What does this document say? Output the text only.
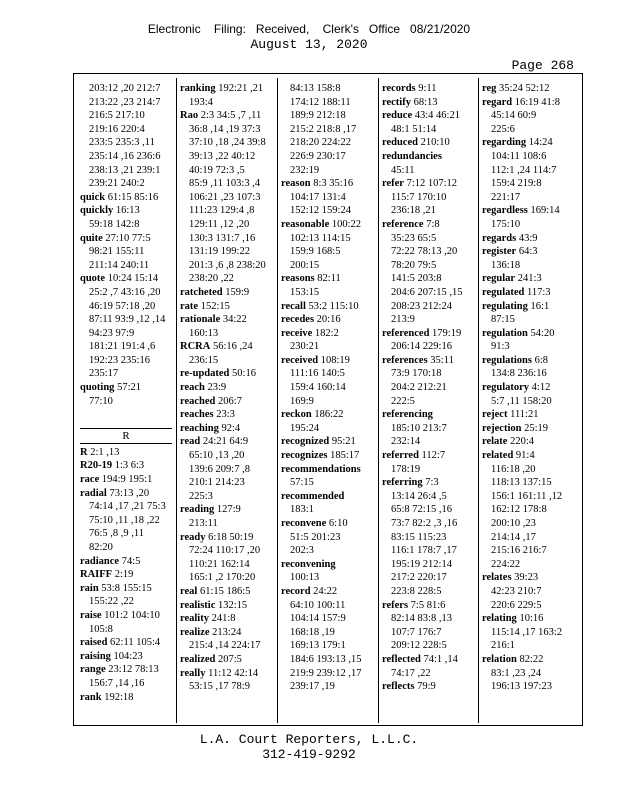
Electronic    Filing:   Received,    Clerk's   Office   08/21/2020
August 13, 2020
Page 268
203:12 ,20 212:7
213:22 ,23 214:7
216:5 217:10
219:16 220:4
233:5 235:3 ,11
235:14 ,16 236:6
238:13 ,21 239:1
239:21 240:2
quick 61:15 85:16
quickly 16:13
59:18 142:8
quite 27:10 77:5
98:21 155:11
211:14 240:11
quote 10:24 15:14
25:2 ,7 43:16 ,20
46:19 57:18 ,20
87:11 93:9 ,12 ,14
94:23 97:9
181:21 191:4 ,6
192:23 235:16
235:17
quoting 57:21
77:10

R
R 2:1 ,13
R20-19 1:3 6:3
race 194:9 195:1
radial 73:13 ,20
74:14 ,17 ,21 75:3
75:10 ,11 ,18 ,22
76:5 ,8 ,9 ,11
82:20
radiance 74:5
RAIFF 2:19
rain 53:8 155:15
155:22 ,22
raise 101:2 104:10
105:8
raised 62:11 105:4
raising 104:23
range 23:12 78:13
156:7 ,14 ,16
rank 192:18
ranking 192:21 ,21
193:4
Rao 2:3 34:5 ,7 ,11
36:8 ,14 ,19 37:3
37:10 ,18 ,24 39:8
39:13 ,22 40:12
40:19 72:3 ,5
85:9 ,11 103:3 ,4
106:21 ,23 107:3
111:23 129:4 ,8
129:11 ,12 ,20
130:3 131:7 ,16
131:19 199:22
201:3 ,6 ,8 238:20
238:20 ,22
ratcheted 159:9
rate 152:15
rationale 34:22
160:13
RCRA 56:16 ,24
236:15
re-updated 50:16
reach 23:9
reached 206:7
reaches 23:3
reaching 92:4
read 24:21 64:9
65:10 ,13 ,20
139:6 209:7 ,8
210:1 214:23
225:3
reading 127:9
213:11
ready 6:18 50:19
72:24 110:17 ,20
110:21 162:14
165:1 ,2 170:20
real 61:15 186:5
realistic 132:15
reality 241:8
realize 213:24
215:4 ,14 224:17
realized 207:5
really 11:12 42:14
53:15 ,17 78:9
84:13 158:8
174:12 188:11
189:9 212:18
215:2 218:8 ,17
218:20 224:22
226:9 230:17
232:19
reason 8:3 35:16
104:17 131:4
152:12 159:24
reasonable 100:22
102:13 114:15
159:9 168:5
200:15
reasons 82:11
153:15
recall 53:2 115:10
recedes 20:16
receive 182:2
230:21
received 108:19
111:16 140:5
159:4 160:14
169:9
reckon 186:22
195:24
recognized 95:21
recognizes 185:17
recommendations
57:15
recommended
183:1
reconvene 6:10
51:5 201:23
202:3
reconvening
100:13
record 24:22
64:10 100:11
104:14 157:9
168:18 ,19
169:13 179:1
184:6 193:13 ,15
219:9 239:12 ,17
239:17 ,19
records 9:11
rectify 68:13
reduce 43:4 46:21
48:1 51:14
reduced 210:10
redundancies
45:11
refer 7:12 107:12
115:7 170:10
236:18 ,21
reference 7:8
35:23 65:5
72:22 78:13 ,20
78:20 79:5
141:5 203:8
204:6 207:15 ,15
208:23 212:24
213:9
referenced 179:19
206:14 229:16
references 35:11
73:9 170:18
204:2 212:21
222:5
referencing
185:10 213:7
232:14
referred 112:7
178:19
referring 7:3
13:14 26:4 ,5
65:8 72:15 ,16
73:7 82:2 ,3 ,16
83:15 115:23
116:1 178:7 ,17
195:19 212:14
217:2 220:17
223:8 228:5
refers 7:5 81:6
82:14 83:8 ,13
107:7 176:7
209:12 228:5
reflected 74:1 ,14
74:17 ,22
reflects 79:9
reg 35:24 52:12
regard 16:19 41:8
45:14 60:9
225:6
regarding 14:24
104:11 108:6
112:1 ,24 114:7
159:4 219:8
221:17
regardless 169:14
175:10
regards 43:9
register 64:3
136:18
regular 241:3
regulated 117:3
regulating 16:1
87:15
regulation 54:20
91:3
regulations 6:8
134:8 236:16
regulatory 4:12
5:7 ,11 158:20
reject 111:21
rejection 25:19
relate 220:4
related 91:4
116:18 ,20
118:13 137:15
156:1 161:11 ,12
162:12 178:8
200:10 ,23
214:14 ,17
215:16 216:7
224:22
relates 39:23
42:23 210:7
220:6 229:5
relating 10:16
115:14 ,17 163:2
216:1
relation 82:22
83:1 ,23 ,24
196:13 197:23
L.A. Court Reporters, L.L.C.
312-419-9292
